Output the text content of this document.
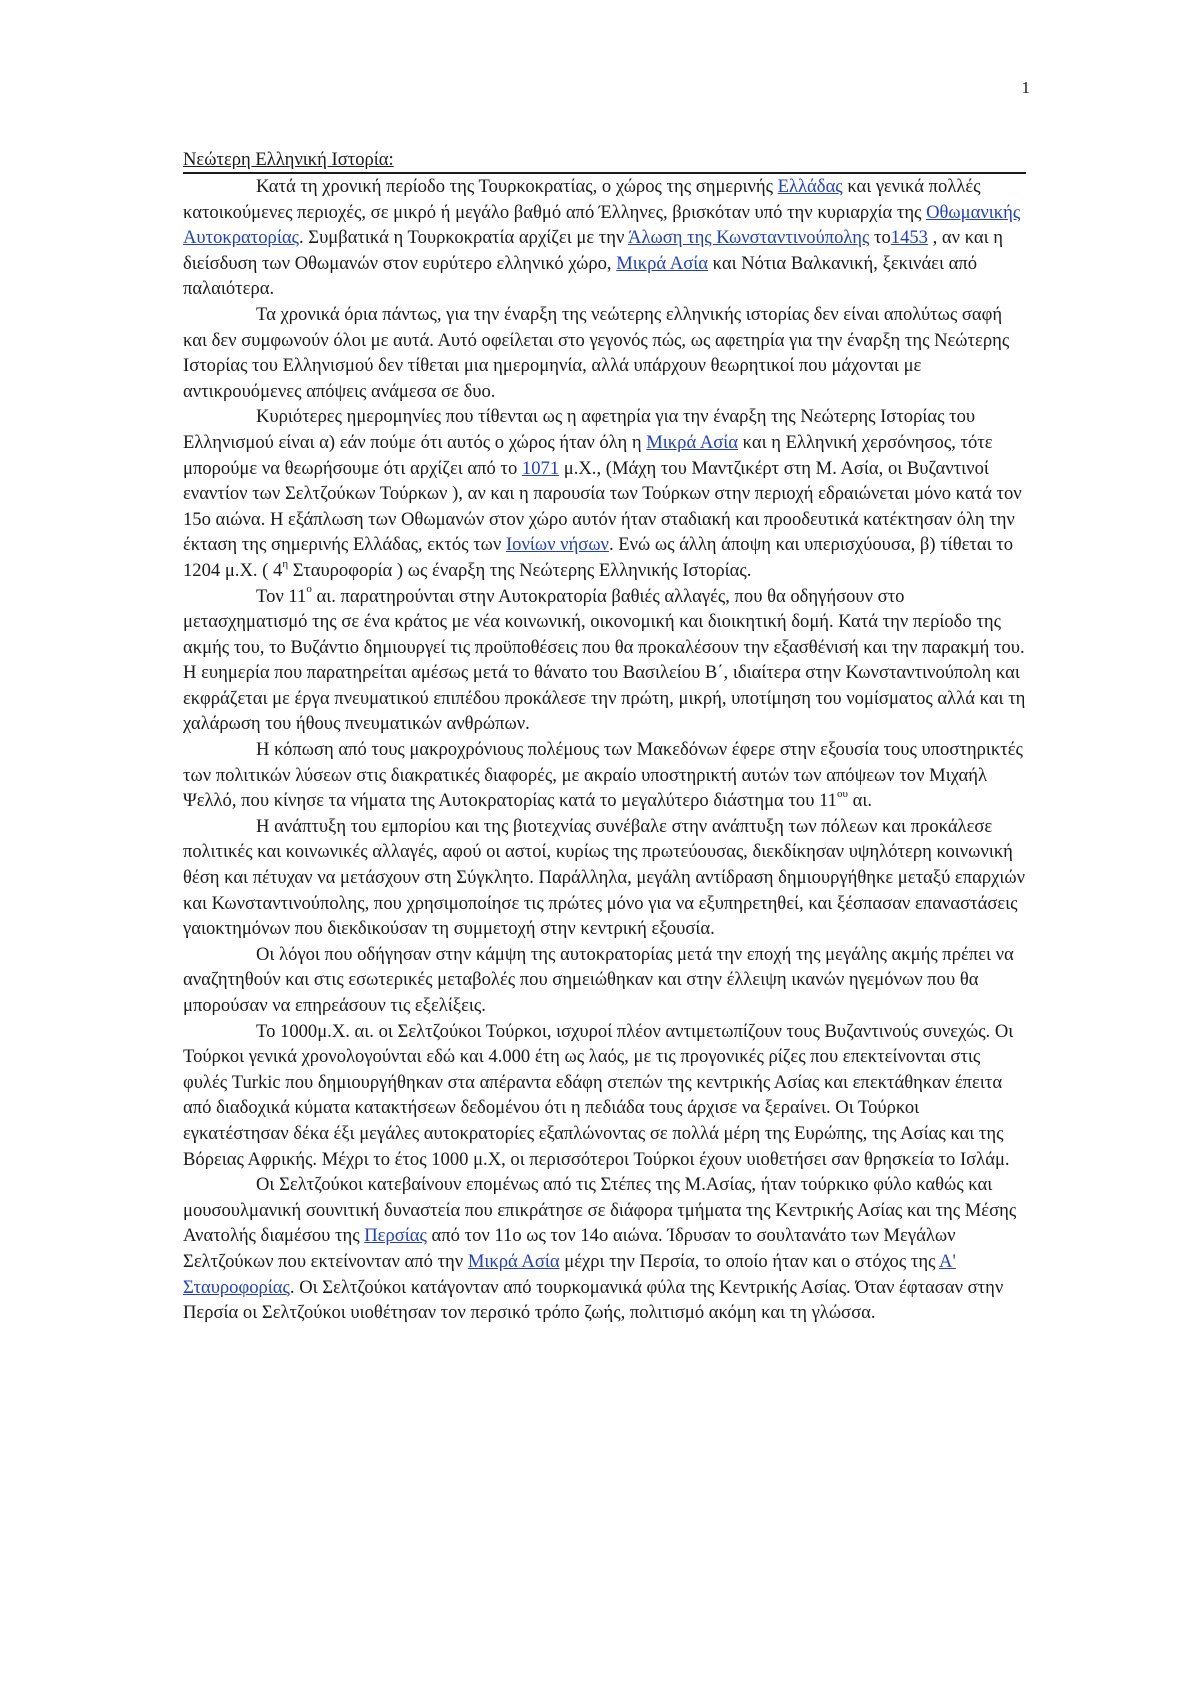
1
Νεώτερη Ελληνική Ιστορία:

Κατά τη χρονική περίοδο της Τουρκοκρατίας, ο χώρος της σημερινής Ελλάδας και γενικά πολλές κατοικούμενες περιοχές, σε μικρό ή μεγάλο βαθμό από Έλληνες, βρισκόταν υπό την κυριαρχία της Οθωμανικής Αυτοκρατορίας. Συμβατικά η Τουρκοκρατία αρχίζει με την Άλωση της Κωνσταντινούπολης το1453 , αν και η διείσδυση των Οθωμανών στον ευρύτερο ελληνικό χώρο, Μικρά Ασία και Νότια Βαλκανική, ξεκινάει από παλαιότερα.

Τα χρονικά όρια πάντως, για την έναρξη της νεώτερης ελληνικής ιστορίας δεν είναι απολύτως σαφή και δεν συμφωνούν όλοι με αυτά. Αυτό οφείλεται στο γεγονός πώς, ως αφετηρία για την έναρξη της Νεώτερης Ιστορίας του Ελληνισμού δεν τίθεται μια ημερομηνία, αλλά υπάρχουν θεωρητικοί που μάχονται με αντικρουόμενες απόψεις ανάμεσα σε δυο.

Κυριότερες ημερομηνίες που τίθενται ως η αφετηρία για την έναρξη της Νεώτερης Ιστορίας του Ελληνισμού είναι α) εάν πούμε ότι αυτός ο χώρος ήταν όλη η Μικρά Ασία και η Ελληνική χερσόνησος, τότε μπορούμε να θεωρήσουμε ότι αρχίζει από το 1071 μ.Χ., (Μάχη του Μαντζικέρτ στη Μ. Ασία, οι Βυζαντινοί εναντίον των Σελτζούκων Τούρκων ), αν και η παρουσία των Τούρκων στην περιοχή εδραιώνεται μόνο κατά τον 15ο αιώνα. Η εξάπλωση των Οθωμανών στον χώρο αυτόν ήταν σταδιακή και προοδευτικά κατέκτησαν όλη την έκταση της σημερινής Ελλάδας, εκτός των Ιονίων νήσων. Ενώ ως άλλη άποψη και υπερισχύουσα, β) τίθεται το 1204 μ.Χ. ( $4^\eta$ Σταυροφορία ) ως έναρξη της Νεώτερης Ελληνικής Ιστορίας.

Τον $11^o$ αι. παρατηρούνται στην Αυτοκρατορία βαθιές αλλαγές, που θα οδηγήσουν στο μετασχηματισμό της σε ένα κράτος με νέα κοινωνική, οικονομική και διοικητική δομή. Κατά την περίοδο της ακμής του, το Βυζάντιο δημιουργεί τις προϋποθέσεις που θα προκαλέσουν την εξασθένισή και την παρακμή του. Η ευημερία που παρατηρείται αμέσως μετά το θάνατο του Βασιλείου Β΄, ιδιαίτερα στην Κωνσταντινούπολη και εκφράζεται με έργα πνευματικού επιπέδου προκάλεσε την πρώτη, μικρή, υποτίμηση του νομίσματος αλλά και τη χαλάρωση του ήθους πνευματικών ανθρώπων.

Η κόπωση από τους μακροχρόνιους πολέμους των Μακεδόνων έφερε στην εξουσία τους υποστηρικτές των πολιτικών λύσεων στις διακρατικές διαφορές, με ακραίο υποστηρικτή αυτών των απόψεων τον Μιχαήλ Ψελλό, που κίνησε τα νήματα της Αυτοκρατορίας κατά το μεγαλύτερο διάστημα του $11^{o\upsilon}$ αι.

Η ανάπτυξη του εμπορίου και της βιοτεχνίας συνέβαλε στην ανάπτυξη των πόλεων και προκάλεσε πολιτικές και κοινωνικές αλλαγές, αφού οι αστοί, κυρίως της πρωτεύουσας, διεκδίκησαν υψηλότερη κοινωνική θέση και πέτυχαν να μετάσχουν στη Σύγκλητο. Παράλληλα, μεγάλη αντίδραση δημιουργήθηκε μεταξύ επαρχιών και Κωνσταντινούπολης, που χρησιμοποίησε τις πρώτες μόνο για να εξυπηρετηθεί, και ξέσπασαν επαναστάσεις γαιοκτημόνων που διεκδικούσαν τη συμμετοχή στην κεντρική εξουσία.

Οι λόγοι που οδήγησαν στην κάμψη της αυτοκρατορίας μετά την εποχή της μεγάλης ακμής πρέπει να αναζητηθούν και στις εσωτερικές μεταβολές που σημειώθηκαν και στην έλλειψη ικανών ηγεμόνων που θα μπορούσαν να επηρεάσουν τις εξελίξεις.

Το 1000μ.Χ. αι. οι Σελτζούκοι Τούρκοι, ισχυροί πλέον αντιμετωπίζουν τους Βυζαντινούς συνεχώς. Οι Τούρκοι γενικά χρονολογούνται εδώ και 4.000 έτη ως λαός, με τις προγονικές ρίζες που επεκτείνονται στις φυλές Turkic που δημιουργήθηκαν στα απέραντα εδάφη στεπών της κεντρικής Ασίας και επεκτάθηκαν έπειτα από διαδοχικά κύματα κατακτήσεων δεδομένου ότι η πεδιάδα τους άρχισε να ξεραίνει. Οι Τούρκοι εγκατέστησαν δέκα έξι μεγάλες αυτοκρατορίες εξαπλώνοντας σε πολλά μέρη της Ευρώπης, της Ασίας και της Βόρειας Αφρικής. Μέχρι το έτος 1000 μ.Χ, οι περισσότεροι Τούρκοι έχουν υιοθετήσει σαν θρησκεία το Ισλάμ.

Οι Σελτζούκοι κατεβαίνουν επομένως από τις Στέπες της Μ.Ασίας, ήταν τούρκικο φύλο καθώς και μουσουλμανική σουνιτική δυναστεία που επικράτησε σε διάφορα τμήματα της Κεντρικής Ασίας και της Μέσης Ανατολής διαμέσου της Περσίας από τον 11ο ως τον 14ο αιώνα. Ίδρυσαν το σουλτανάτο των Μεγάλων Σελτζούκων που εκτείνονταν από την Μικρά Ασία μέχρι την Περσία, το οποίο ήταν και ο στόχος της Α' Σταυροφορίας. Οι Σελτζούκοι κατάγονταν από τουρκομανικά φύλα της Κεντρικής Ασίας. Όταν έφτασαν στην Περσία οι Σελτζούκοι υιοθέτησαν τον περσικό τρόπο ζωής, πολιτισμό ακόμη και τη γλώσσα.
